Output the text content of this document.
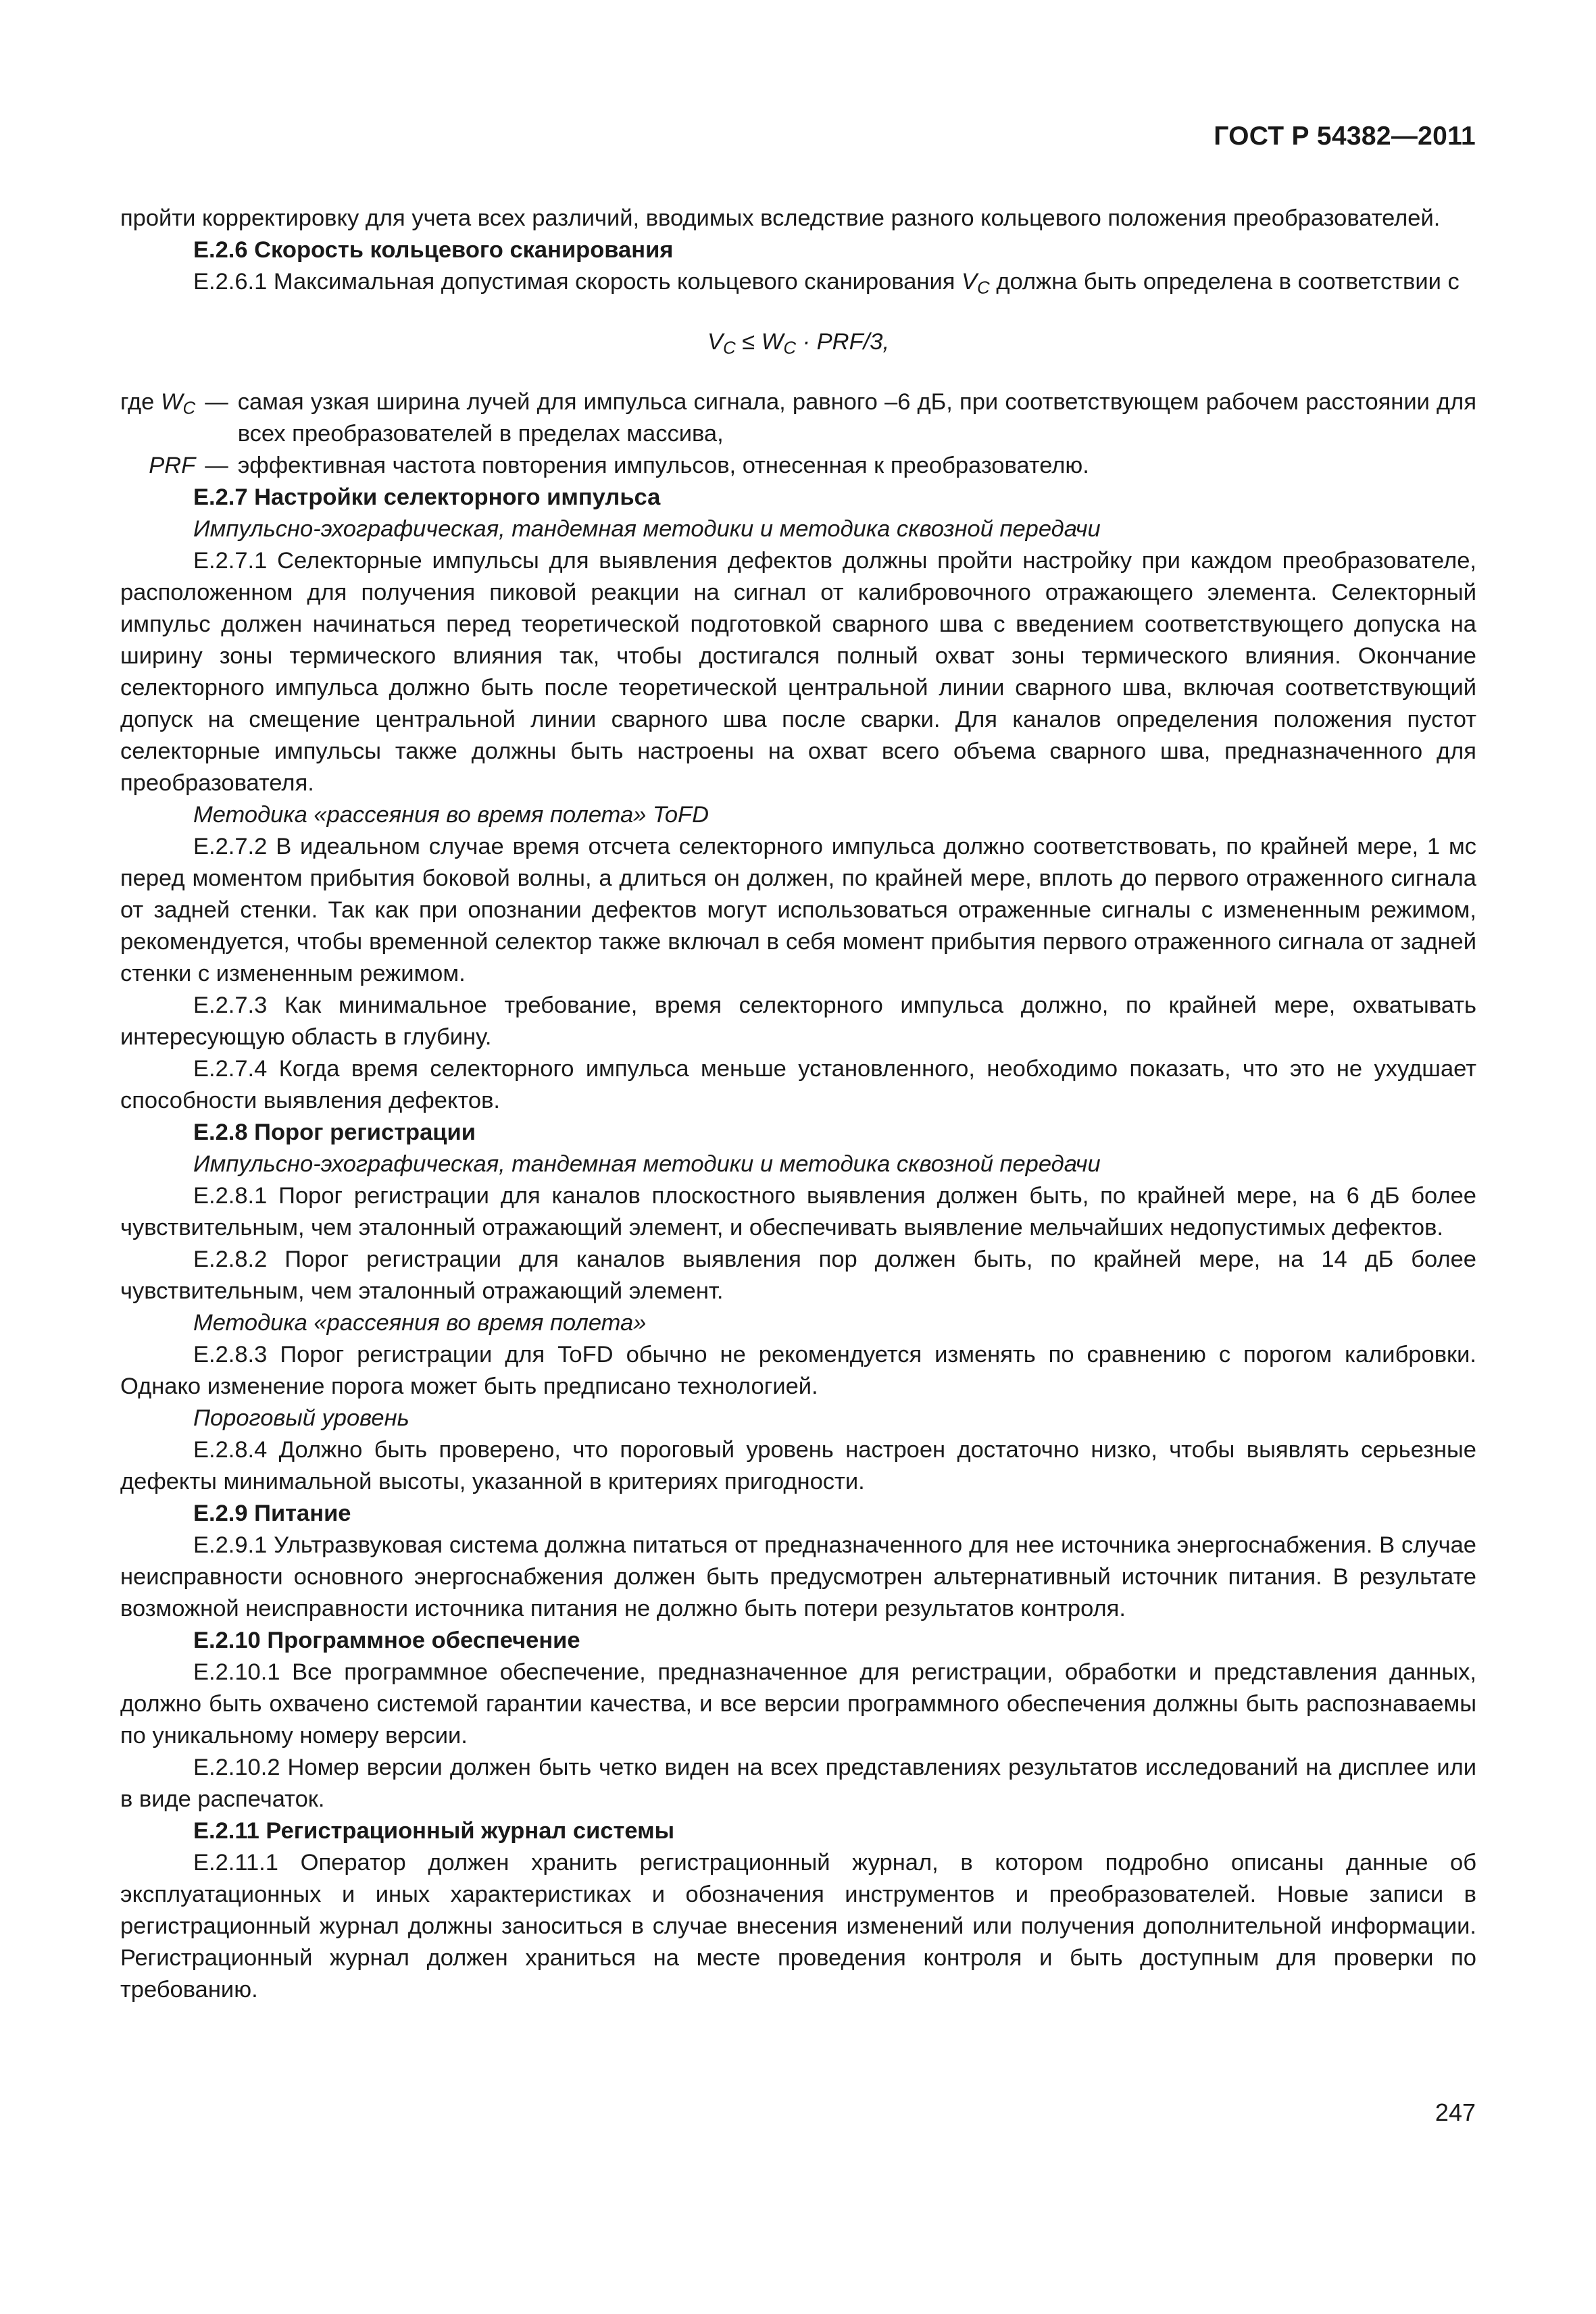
ГОСТ Р 54382—2011

пройти корректировку для учета всех различий, вводимых вследствие разного кольцевого положения преобразователей.

Е.2.6 Скорость кольцевого сканирования

Е.2.6.1 Максимальная допустимая скорость кольцевого сканирования $V_C$ должна быть определена в соответствии с

$V_C \le W_C \cdot PRF/3$,
где $W_C$	—	самая узкая ширина лучей для импульса сигнала, равного –6 дБ, при соответствующем рабочем расстоянии для всех преобразователей в пределах массива,

PRF	—	эффективная частота повторения импульсов, отнесенная к преобразователю.

Е.2.7 Настройки селекторного импульса

Импульсно-эхографическая, тандемная методики и методика сквозной передачи

Е.2.7.1 Селекторные импульсы для выявления дефектов должны пройти настройку при каждом преобразователе, расположенном для получения пиковой реакции на сигнал от калибровочного отражающего элемента. Селекторный импульс должен начинаться перед теоретической подготовкой сварного шва с введением соответствующего допуска на ширину зоны термического влияния так, чтобы достигался полный охват зоны термического влияния. Окончание селекторного импульса должно быть после теоретической центральной линии сварного шва, включая соответствующий допуск на смещение центральной линии сварного шва после сварки. Для каналов определения положения пустот селекторные импульсы также должны быть настроены на охват всего объема сварного шва, предназначенного для преобразователя.

Методика «рассеяния во время полета» ToFD

Е.2.7.2 В идеальном случае время отсчета селекторного импульса должно соответствовать, по крайней мере, 1 мс перед моментом прибытия боковой волны, а длиться он должен, по крайней мере, вплоть до первого отраженного сигнала от задней стенки. Так как при опознании дефектов могут использоваться отраженные сигналы с измененным режимом, рекомендуется, чтобы временной селектор также включал в себя момент прибытия первого отраженного сигнала от задней стенки с измененным режимом.

Е.2.7.3 Как минимальное требование, время селекторного импульса должно, по крайней мере, охватывать интересующую область в глубину.

Е.2.7.4 Когда время селекторного импульса меньше установленного, необходимо показать, что это не ухудшает способности выявления дефектов.

Е.2.8 Порог регистрации

Импульсно-эхографическая, тандемная методики и методика сквозной передачи

Е.2.8.1 Порог регистрации для каналов плоскостного выявления должен быть, по крайней мере, на 6 дБ более чувствительным, чем эталонный отражающий элемент, и обеспечивать выявление мельчайших недопустимых дефектов.

Е.2.8.2 Порог регистрации для каналов выявления пор должен быть, по крайней мере, на 14 дБ более чувствительным, чем эталонный отражающий элемент.

Методика «рассеяния во время полета»

Е.2.8.3 Порог регистрации для ToFD обычно не рекомендуется изменять по сравнению с порогом калибровки. Однако изменение порога может быть предписано технологией.

Пороговый уровень

Е.2.8.4 Должно быть проверено, что пороговый уровень настроен достаточно низко, чтобы выявлять серьезные дефекты минимальной высоты, указанной в критериях пригодности.

Е.2.9 Питание

Е.2.9.1 Ультразвуковая система должна питаться от предназначенного для нее источника энергоснабжения. В случае неисправности основного энергоснабжения должен быть предусмотрен альтернативный источник питания. В результате возможной неисправности источника питания не должно быть потери результатов контроля.

Е.2.10 Программное обеспечение

Е.2.10.1 Все программное обеспечение, предназначенное для регистрации, обработки и представления данных, должно быть охвачено системой гарантии качества, и все версии программного обеспечения должны быть распознаваемы по уникальному номеру версии.

Е.2.10.2 Номер версии должен быть четко виден на всех представлениях результатов исследований на дисплее или в виде распечаток.

Е.2.11 Регистрационный журнал системы

Е.2.11.1 Оператор должен хранить регистрационный журнал, в котором подробно описаны данные об эксплуатационных и иных характеристиках и обозначения инструментов и преобразователей. Новые записи в регистрационный журнал должны заноситься в случае внесения изменений или получения дополнительной информации. Регистрационный журнал должен храниться на месте проведения контроля и быть доступным для проверки по требованию.

247
